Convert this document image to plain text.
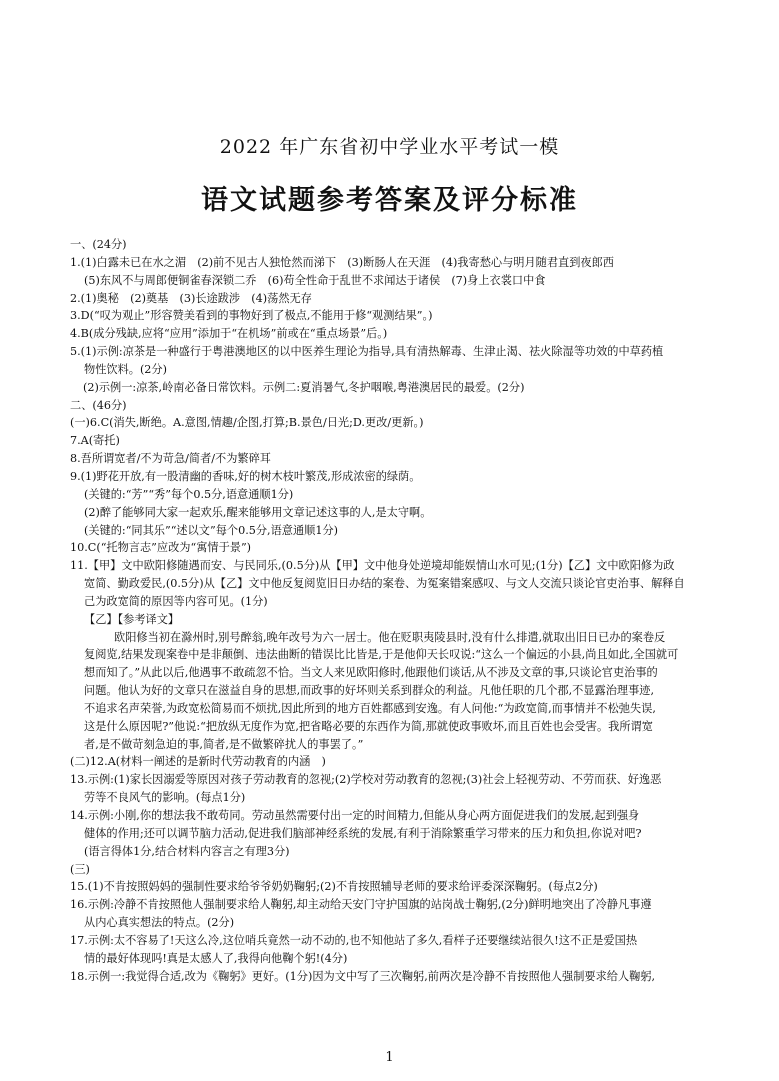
2022 年广东省初中学业水平考试一模
语文试题参考答案及评分标准
一、(24分)
1.(1)白露未已在水之湄　(2)前不见古人独怆然而涕下　(3)断肠人在天涯　(4)我寄愁心与明月随君直到夜郎西
(5)东风不与周郎便铜雀春深锁二乔　(6)苟全性命于乱世不求闻达于诸侯　(7)身上衣裳口中食
2.(1)奥秘　(2)奠基　(3)长途跋涉　(4)荡然无存
3.D(“叹为观止”形容赞美看到的事物好到了极点,不能用于修“观测结果”。)
4.B(成分残缺,应将“应用”添加于“在机场”前或在“重点场景”后。)
5.(1)示例:凉茶是一种盛行于粤港澳地区的以中医养生理论为指导,具有清热解毒、生津止渴、祛火除湿等功效的中草药植
物性饮料。(2分)
(2)示例一:凉茶,岭南必备日常饮料。示例二:夏消暑气,冬护咽喉,粤港澳居民的最爱。(2分)
二、(46分)
(一)6.C(消失,断绝。A.意图,情趣/企图,打算;B.景色/日光;D.更改/更新。)
7.A(寄托)
8.吾所谓宽者/不为苛急/简者/不为繁碎耳
9.(1)野花开放,有一股清幽的香味,好的树木枝叶繁茂,形成浓密的绿荫。
(关键的:“芳”“秀”每个0.5分,语意通顺1分)
(2)醉了能够同大家一起欢乐,醒来能够用文章记述这事的人,是太守啊。
(关键的:“同其乐”“述以文”每个0.5分,语意通顺1分)
10.C(“托物言志”应改为“寓情于景”)
11.【甲】文中欧阳修随遇而安、与民同乐,(0.5分)从【甲】文中他身处逆境却能娱情山水可见;(1分)【乙】文中欧阳修为政
宽简、勤政爱民,(0.5分)从【乙】文中他反复阅览旧日办结的案卷、为冤案错案感叹、与文人交流只谈论官吏治事、解释自
己为政宽简的原因等内容可见。(1分)
【乙】【参考译文】
欧阳修当初在滁州时,别号醉翁,晚年改号为六一居士。他在贬职夷陵县时,没有什么排遣,就取出旧日已办的案卷反
复阅览,结果发现案卷中是非颠倒、违法曲断的错误比比皆是,于是他仰天长叹说:“这么一个偏远的小县,尚且如此,全国就可
想而知了。”从此以后,他遇事不敢疏忽不恰。当文人来见欧阳修时,他跟他们谈话,从不涉及文章的事,只谈论官吏治事的
问题。他认为好的文章只在滋益自身的思想,而政事的好坏则关系到群众的利益。凡他任职的几个郡,不显露治理事迹,
不追求名声荣誉,为政宽松简易而不烦扰,因此所到的地方百姓都感到安逸。有人问他:“为政宽简,而事情并不松弛失误,
这是什么原因呢?”他说:“把放纵无度作为宽,把省略必要的东西作为简,那就使政事败坏,而且百姓也会受害。我所谓宽
者,是不做苛刻急迫的事,简者,是不做繁碎扰人的事罢了。”
(二)12.A(材料一阐述的是新时代劳动教育的内涵　)
13.示例:(1)家长因溺爱等原因对孩子劳动教育的忽视;(2)学校对劳动教育的忽视;(3)社会上轻视劳动、不劳而获、好逸恶
劳等不良风气的影响。(每点1分)
14.示例:小刚,你的想法我不敢苟同。劳动虽然需要付出一定的时间精力,但能从身心两方面促进我们的发展,起到强身
健体的作用;还可以调节脑力活动,促进我们脑部神经系统的发展,有利于消除繁重学习带来的压力和负担,你说对吧?
(语言得体1分,结合材料内容言之有理3分)
(三)
15.(1)不肯按照妈妈的强制性要求给爷爷奶奶鞠躬;(2)不肯按照辅导老师的要求给评委深深鞠躬。(每点2分)
16.示例:冷静不肯按照他人强制要求给人鞠躬,却主动给天安门守护国旗的站岗战士鞠躬,(2分)鲜明地突出了冷静凡事遵
从内心真实想法的特点。(2分)
17.示例:太不容易了!天这么冷,这位哨兵竟然一动不动的,也不知他站了多久,看样子还要继续站很久!这不正是爱国热
情的最好体现吗!真是太感人了,我得向他鞠个躬!(4分)
18.示例一:我觉得合适,改为《鞠躬》更好。(1分)因为文中写了三次鞠躬,前两次是冷静不肯按照他人强制要求给人鞠躬,
1
